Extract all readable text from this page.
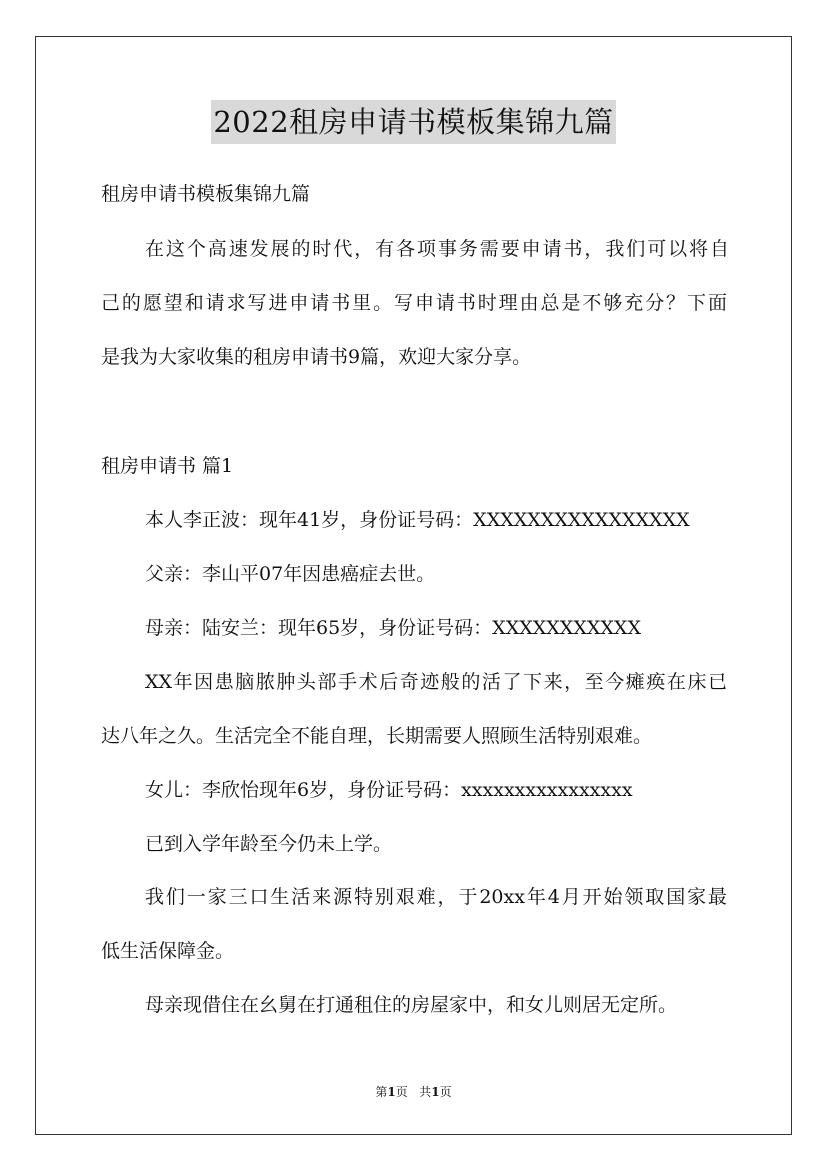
2022租房申请书模板集锦九篇
租房申请书模板集锦九篇
在这个高速发展的时代，有各项事务需要申请书，我们可以将自
己的愿望和请求写进申请书里。写申请书时理由总是不够充分？下面
是我为大家收集的租房申请书9篇，欢迎大家分享。
租房申请书 篇1
本人李正波：现年41岁，身份证号码：XXXXXXXXXXXXXXXX
父亲：李山平07年因患癌症去世。
母亲：陆安兰：现年65岁，身份证号码：XXXXXXXXXXX
XX年因患脑脓肿头部手术后奇迹般的活了下来，至今瘫痪在床已
达八年之久。生活完全不能自理，长期需要人照顾生活特别艰难。
女儿：李欣怡现年6岁，身份证号码：xxxxxxxxxxxxxxxx
已到入学年龄至今仍未上学。
我们一家三口生活来源特别艰难，于20xx年4月开始领取国家最
低生活保障金。
母亲现借住在幺舅在打通租住的房屋家中，和女儿则居无定所。
第1页 共1页
